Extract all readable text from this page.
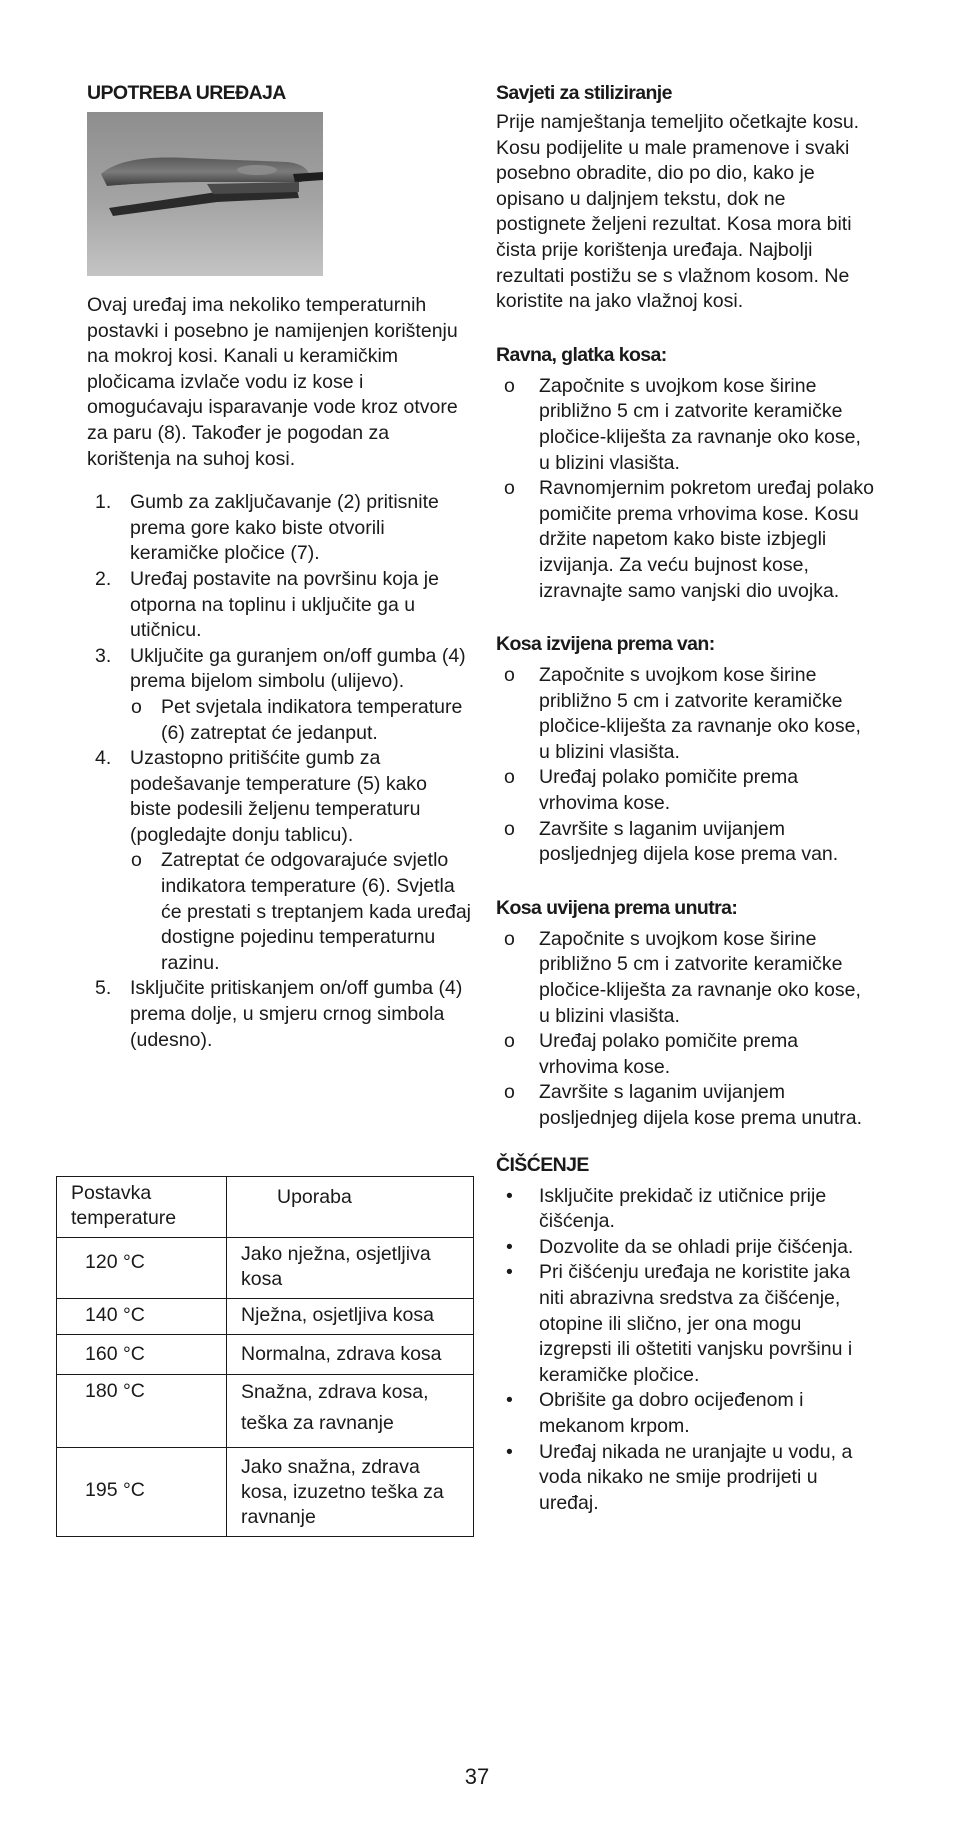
UPOTREBA UREĐAJA

Ovaj uređaj ima nekoliko temperaturnih postavki i posebno je namijenjen korištenju na mokroj kosi. Kanali u keramičkim pločicama izvlače vodu iz kose i omogućavaju isparavanje vode kroz otvore za paru (8). Također je pogodan za korištenja na suhoj kosi.

1. Gumb za zaključavanje (2) pritisnite prema gore kako biste otvorili keramičke pločice (7).
2. Uređaj postavite na površinu koja je otporna na toplinu i uključite ga u utičnicu.
3. Uključite ga guranjem on/off gumba (4) prema bijelom simbolu (ulijevo).
o Pet svjetala indikatora temperature (6) zatreptat će jedanput.
4. Uzastopno pritišćite gumb za podešavanje temperature (5) kako biste podesili željenu temperaturu (pogledajte donju tablicu).
o Zatreptat će odgovarajuće svjetlo indikatora temperature (6). Svjetla će prestati s treptanjem kada uređaj dostigne pojedinu temperaturnu razinu.
5. Isključite pritiskanjem on/off gumba (4) prema dolje, u smjeru crnog simbola (udesno).
Postavka temperature	Uporaba
120 °C	Jako nježna, osjetljiva kosa
140 °C	Nježna, osjetljiva kosa
160 °C	Normalna, zdrava kosa
180 °C	Snažna, zdrava kosa, teška za ravnanje
195 °C	Jako snažna, zdrava kosa, izuzetno teška za ravnanje
Savjeti za stiliziranje

Prije namještanja temeljito očetkajte kosu. Kosu podijelite u male pramenove i svaki posebno obradite, dio po dio, kako je opisano u daljnjem tekstu, dok ne postignete željeni rezultat. Kosa mora biti čista prije korištenja uređaja. Najbolji rezultati postižu se s vlažnom kosom. Ne koristite na jako vlažnoj kosi.

Ravna, glatka kosa:
o Započnite s uvojkom kose širine približno 5 cm i zatvorite keramičke pločice-kliješta za ravnanje oko kose, u blizini vlasišta.
o Ravnomjernim pokretom uređaj polako pomičite prema vrhovima kose. Kosu držite napetom kako biste izbjegli izvijanja. Za veću bujnost kose, izravnajte samo vanjski dio uvojka.
Kosa izvijena prema van:
o Započnite s uvojkom kose širine približno 5 cm i zatvorite keramičke pločice-kliješta za ravnanje oko kose, u blizini vlasišta.
o Uređaj polako pomičite prema vrhovima kose.
o Završite s laganim uvijanjem posljednjeg dijela kose prema van.
Kosa uvijena prema unutra:
o Započnite s uvojkom kose širine približno 5 cm i zatvorite keramičke pločice-kliješta za ravnanje oko kose, u blizini vlasišta.
o Uređaj polako pomičite prema vrhovima kose.
o Završite s laganim uvijanjem posljednjeg dijela kose prema unutra.
ČIŠĆENJE
• Isključite prekidač iz utičnice prije čišćenja.
• Dozvolite da se ohladi prije čišćenja.
• Pri čišćenju uređaja ne koristite jaka niti abrazivna sredstva za čišćenje, otopine ili slično, jer ona mogu izgrepsti ili oštetiti vanjsku površinu i keramičke pločice.
• Obrišite ga dobro ocijeđenom i mekanom krpom.
• Uređaj nikada ne uranjajte u vodu, a voda nikako ne smije prodrijeti u uređaj.
37
